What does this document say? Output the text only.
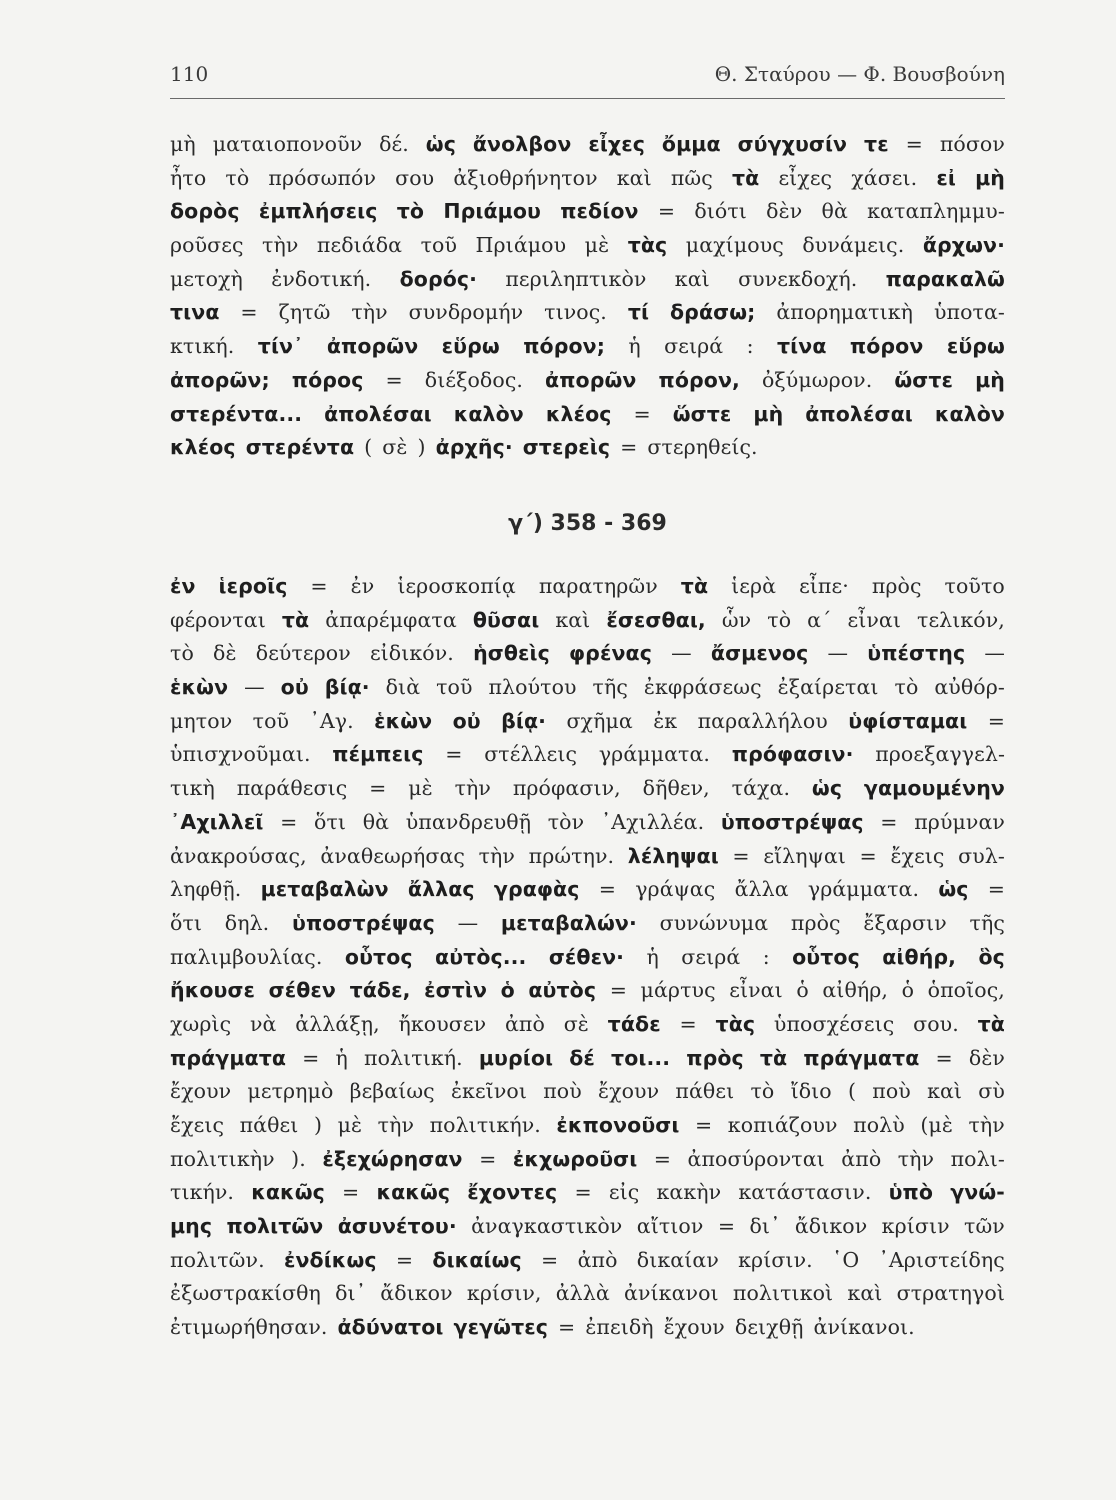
110	Θ. Σταύρου — Φ. Βουσβούνη
μὴ ματαιοπονοῦν δέ. ὡς ἄνολβον εἶχες ὄμμα σύγχυσίν τε = πόσον
ἦτο τὸ πρόσωπόν σου ἀξιοθρήνητον καὶ πῶς τὰ εἶχες χάσει. εἰ μὴ
δορὸς ἐμπλήσεις τὸ Πριάμου πεδίον = διότι δὲν θὰ καταπλημμυ-
ροῦσες τὴν πεδιάδα τοῦ Πριάμου μὲ τὰς μαχίμους δυνάμεις. ἄρχων·
μετοχὴ ἐνδοτική. δορός· περιληπτικὸν καὶ συνεκδοχή. παρακαλῶ
τινα = ζητῶ τὴν συνδρομήν τινος. τί δράσω; ἀπορηματικὴ ὑποτα-
κτική. τίν᾽ ἀπορῶν εὕρω πόρον; ἡ σειρά : τίνα πόρον εὕρω
ἀπορῶν; πόρος = διέξοδος. ἀπορῶν πόρον, ὀξύμωρον. ὥστε μὴ
στερέντα... ἀπολέσαι καλὸν κλέος = ὥστε μὴ ἀπολέσαι καλὸν
κλέος στερέντα ( σὲ ) ἀρχῆς· στερεὶς = στερηθείς.
γ΄) 358 - 369
ἐν ἱεροῖς = ἐν ἱεροσκοπίᾳ παρατηρῶν τὰ ἱερὰ εἶπε· πρὸς τοῦτο
φέρονται τὰ ἀπαρέμφατα θῦσαι καὶ ἔσεσθαι, ὧν τὸ α΄ εἶναι τελικόν,
τὸ δὲ δεύτερον εἰδικόν. ἡσθεὶς φρένας — ἄσμενος — ὑπέστης —
ἑκὼν — οὐ βίᾳ· διὰ τοῦ πλούτου τῆς ἐκφράσεως ἐξαίρεται τὸ αὐθόρ-
μητον τοῦ ᾿Αγ. ἑκὼν οὐ βίᾳ· σχῆμα ἐκ παραλλήλου ὑφίσταμαι =
ὑπισχνοῦμαι. πέμπεις = στέλλεις γράμματα. πρόφασιν· προεξαγγελ-
τικὴ παράθεσις = μὲ τὴν πρόφασιν, δῆθεν, τάχα. ὡς γαμουμένην
᾿Αχιλλεῖ = ὅτι θὰ ὑπανδρευθῇ τὸν ᾿Αχιλλέα. ὑποστρέψας = πρύμναν
ἀνακρούσας, ἀναθεωρήσας τὴν πρώτην. λέληψαι = εἴληψαι = ἔχεις συλ-
ληφθῇ. μεταβαλὼν ἄλλας γραφὰς = γράψας ἄλλα γράμματα. ὡς =
ὅτι δηλ. ὑποστρέψας — μεταβαλών· συνώνυμα πρὸς ἔξαρσιν τῆς
παλιμβουλίας. οὗτος αὐτὸς... σέθεν· ἡ σειρά : οὗτος αἰθήρ, ὃς
ἤκουσε σέθεν τάδε, ἐστὶν ὁ αὐτὸς = μάρτυς εἶναι ὁ αἰθήρ, ὁ ὁποῖος,
χωρὶς νὰ ἀλλάξῃ, ἤκουσεν ἀπὸ σὲ τάδε = τὰς ὑποσχέσεις σου. τὰ
πράγματα = ἡ πολιτική. μυρίοι δέ τοι... πρὸς τὰ πράγματα = δὲν
ἔχουν μετρημὸ βεβαίως ἐκεῖνοι ποὺ ἔχουν πάθει τὸ ἴδιο ( ποὺ καὶ σὺ
ἔχεις πάθει ) μὲ τὴν πολιτικήν. ἐκπονοῦσι = κοπιάζουν πολὺ (μὲ τὴν
πολιτικὴν ). ἐξεχώρησαν = ἐκχωροῦσι = ἀποσύρονται ἀπὸ τὴν πολι-
τικήν. κακῶς = κακῶς ἔχοντες = εἰς κακὴν κατάστασιν. ὑπὸ γνώ-
μης πολιτῶν ἀσυνέτου· ἀναγκαστικὸν αἴτιον = δι᾽ ἄδικον κρίσιν τῶν
πολιτῶν. ἐνδίκως = δικαίως = ἀπὸ δικαίαν κρίσιν. ῾Ο ᾿Αριστείδης
ἐξωστρακίσθη δι᾽ ἄδικον κρίσιν, ἀλλὰ ἀνίκανοι πολιτικοὶ καὶ στρατηγοὶ
ἐτιμωρήθησαν. ἀδύνατοι γεγῶτες = ἐπειδὴ ἔχουν δειχθῇ ἀνίκανοι.
